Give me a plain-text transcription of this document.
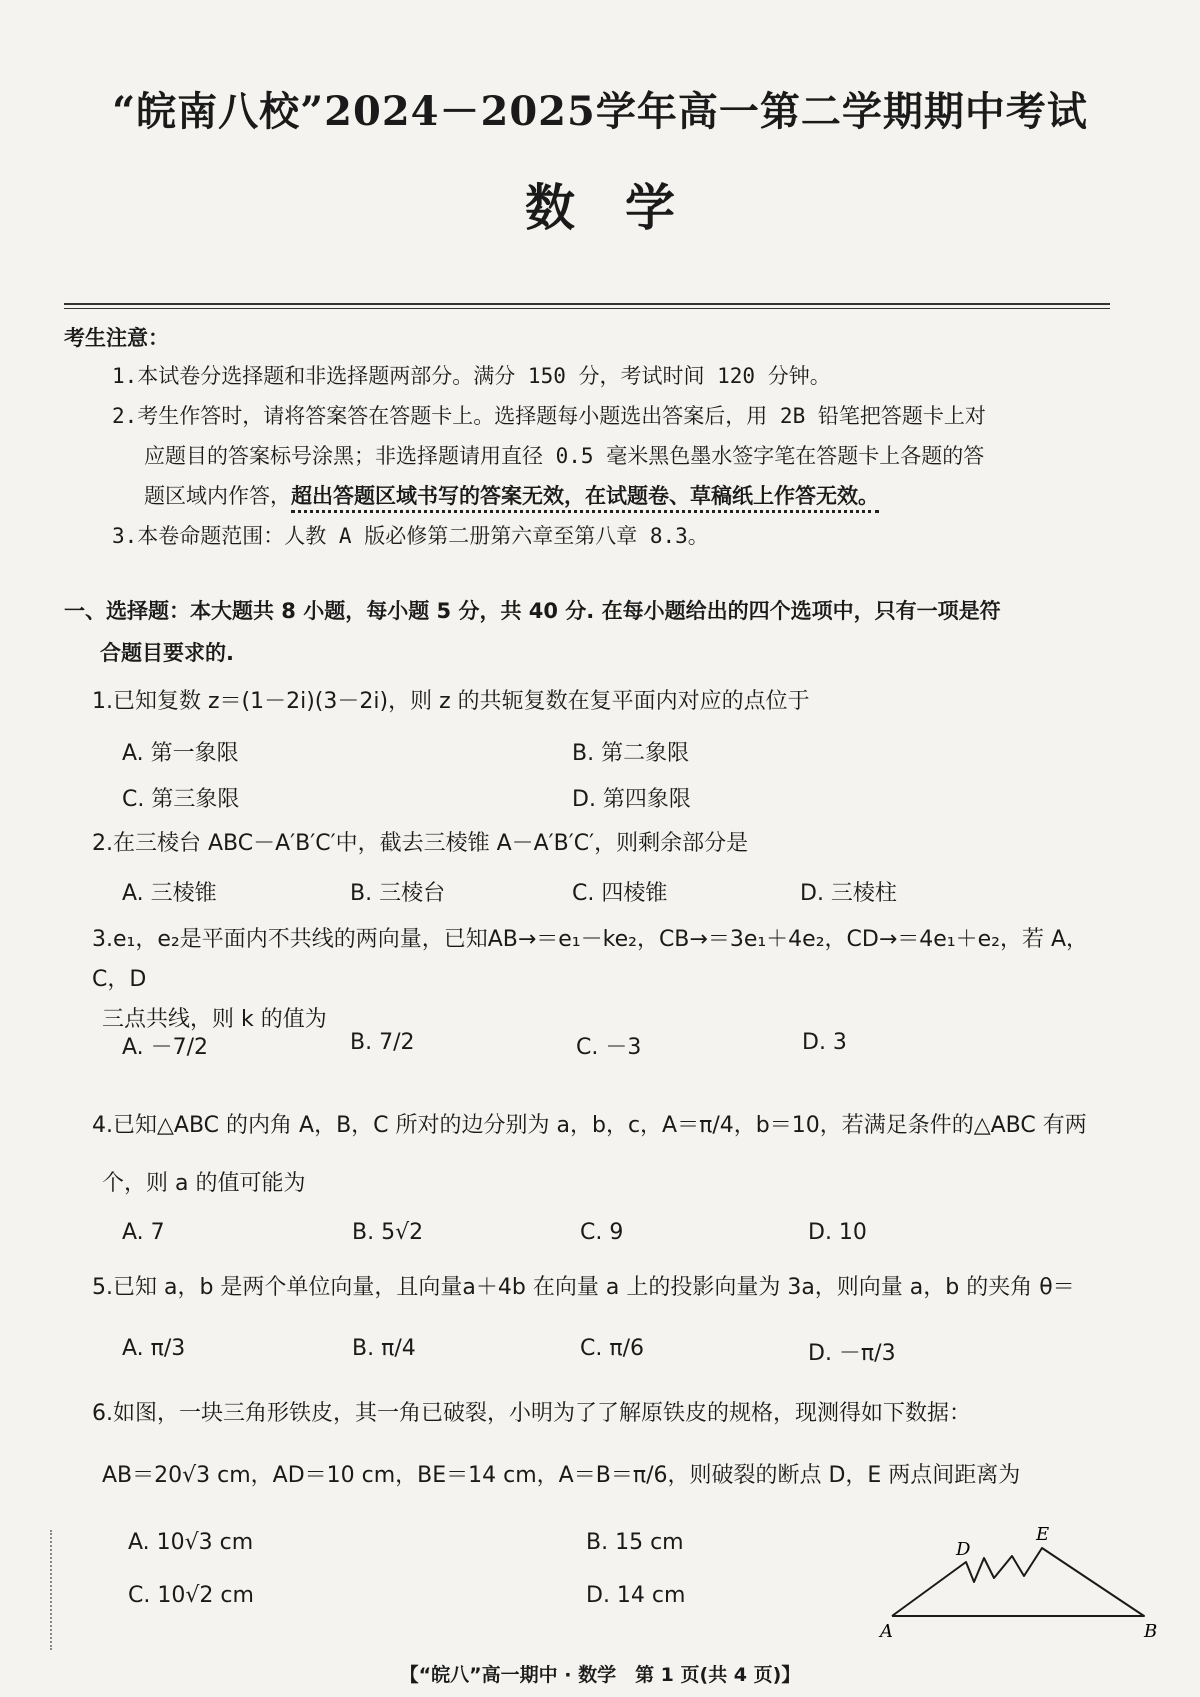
“皖南八校”2024－2025学年高一第二学期期中考试
数　学
考生注意：
1.本试卷分选择题和非选择题两部分。满分 150 分，考试时间 120 分钟。
2.考生作答时，请将答案答在答题卡上。选择题每小题选出答案后，用 2B 铅笔把答题卡上对
应题目的答案标号涂黑；非选择题请用直径 0.5 毫米黑色墨水签字笔在答题卡上各题的答
题区域内作答，超出答题区域书写的答案无效，在试题卷、草稿纸上作答无效。
3.本卷命题范围：人教 A 版必修第二册第六章至第八章 8.3。
一、选择题：本大题共 8 小题，每小题 5 分，共 40 分. 在每小题给出的四个选项中，只有一项是符
合题目要求的.
1.已知复数 z＝(1－2i)(3－2i)，则 z 的共轭复数在复平面内对应的点位于
A. 第一象限	B. 第二象限
C. 第三象限	D. 第四象限
2.在三棱台 ABC－A′B′C′中，截去三棱锥 A－A′B′C′，则剩余部分是
A. 三棱锥	B. 三棱台	C. 四棱锥	D. 三棱柱
3.e₁，e₂是平面内不共线的两向量，已知AB→＝e₁－ke₂，CB→＝3e₁＋4e₂，CD→＝4e₁＋e₂，若 A，C，D
三点共线，则 k 的值为
A. －7/2	B. 7/2	C. －3	D. 3
4.已知△ABC 的内角 A，B，C 所对的边分别为 a，b，c，A＝π/4，b＝10，若满足条件的△ABC 有两
个，则 a 的值可能为
A. 7	B. 5√2	C. 9	D. 10
5.已知 a，b 是两个单位向量，且向量a＋4b 在向量 a 上的投影向量为 3a，则向量 a，b 的夹角 θ＝
A. π/3	B. π/4	C. π/6	D. －π/3
6.如图，一块三角形铁皮，其一角已破裂，小明为了了解原铁皮的规格，现测得如下数据：
AB＝20√3 cm，AD＝10 cm，BE＝14 cm，A＝B＝π/6，则破裂的断点 D，E 两点间距离为
A. 10√3 cm	B. 15 cm
C. 10√2 cm	D. 14 cm
A	B
D
E
【“皖八”高一期中 · 数学　第 1 页(共 4 页)】
